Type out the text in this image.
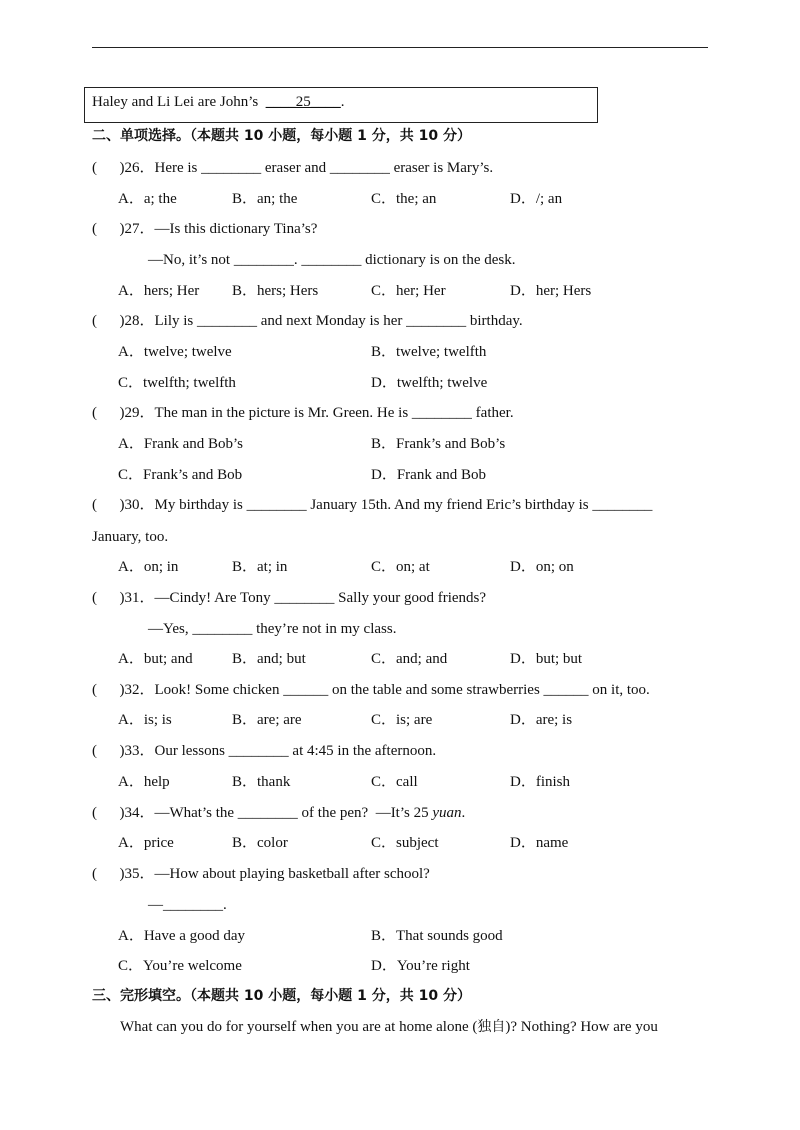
Haley and Li Lei are John’s  ____25____.
二、单项选择。（本题共 10 小题，每小题 1 分，共 10 分）
(      )26．Here is ________ eraser and ________ eraser is Mary’s.
A．a; the	B．an; the	C．the; an	D．/; an
(      )27．—Is this dictionary Tina’s?
—No, it’s not ________. ________ dictionary is on the desk.
A．hers; Her B．hers; Hers	C．her; Her	D．her; Hers
(      )28．Lily is ________ and next Monday is her ________ birthday.
A．twelve; twelve	B．twelve; twelfth
C．twelfth; twelfth	D．twelfth; twelve
(      )29．The man in the picture is Mr. Green. He is ________ father.
A．Frank and Bob’s	B．Frank’s and Bob’s
C．Frank’s and Bob	D．Frank and Bob
(      )30．My birthday is ________ January 15th. And my friend Eric’s birthday is ________
January, too.
A．on; in	B．at; in	C．on; at	D．on; on
(      )31．—Cindy! Are Tony ________ Sally your good friends?
—Yes, ________ they’re not in my class.
A．but; and	B．and; but	C．and; and	D．but; but
(      )32．Look! Some chicken ______ on the table and some strawberries ______ on it, too.
A．is; is	B．are; are	C．is; are	D．are; is
(      )33．Our lessons ________ at 4:45 in the afternoon.
A．help	B．thank	C．call	D．finish
(      )34．—What’s the ________ of the pen?  —It’s 25 yuan.
A．price	B．color	C．subject	D．name
(      )35．—How about playing basketball after school?
—________.
A．Have a good day	B．That sounds good
C．You’re welcome	D．You’re right
三、完形填空。（本题共 10 小题，每小题 1 分，共 10 分）
What can you do for yourself when you are at home alone (独自)? Nothing? How are you
